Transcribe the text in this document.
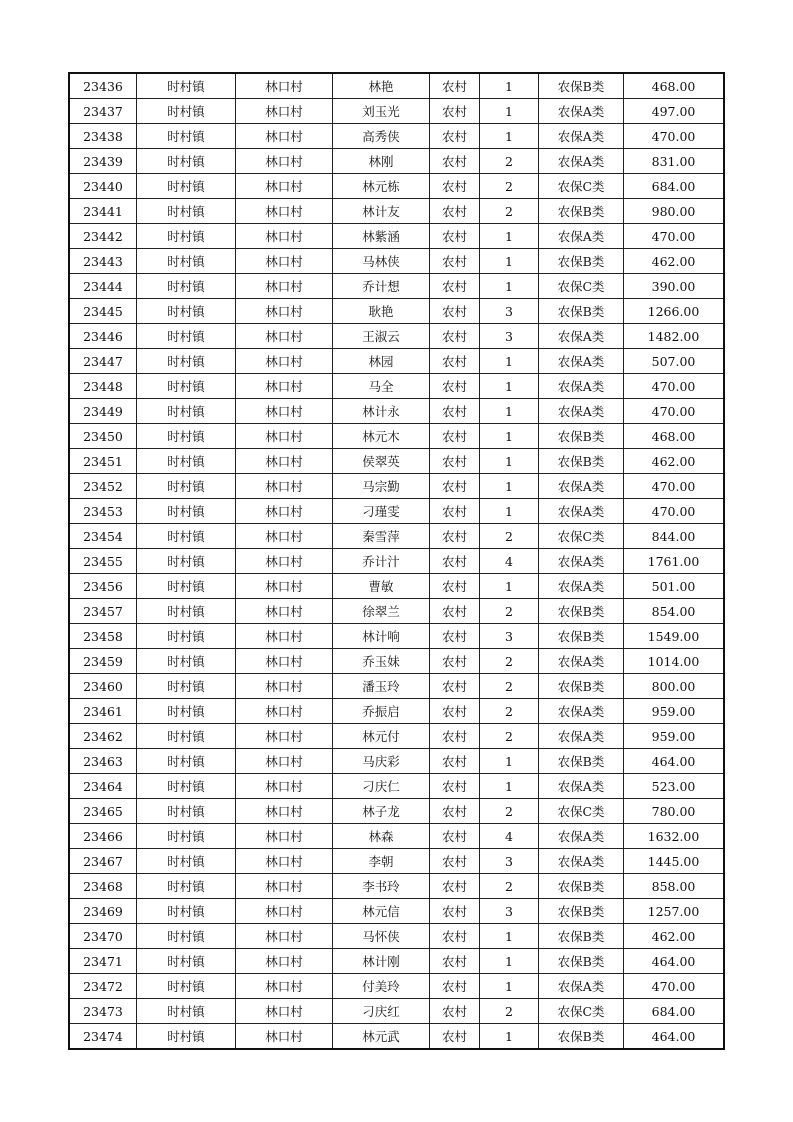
23436	时村镇	林口村	林艳	农村	1	农保B类	468.00
23437	时村镇	林口村	刘玉光	农村	1	农保A类	497.00
23438	时村镇	林口村	高秀侠	农村	1	农保A类	470.00
23439	时村镇	林口村	林刚	农村	2	农保A类	831.00
23440	时村镇	林口村	林元栋	农村	2	农保C类	684.00
23441	时村镇	林口村	林计友	农村	2	农保B类	980.00
23442	时村镇	林口村	林紫涵	农村	1	农保A类	470.00
23443	时村镇	林口村	马林侠	农村	1	农保B类	462.00
23444	时村镇	林口村	乔计想	农村	1	农保C类	390.00
23445	时村镇	林口村	耿艳	农村	3	农保B类	1266.00
23446	时村镇	林口村	王淑云	农村	3	农保A类	1482.00
23447	时村镇	林口村	林园	农村	1	农保A类	507.00
23448	时村镇	林口村	马全	农村	1	农保A类	470.00
23449	时村镇	林口村	林计永	农村	1	农保A类	470.00
23450	时村镇	林口村	林元木	农村	1	农保B类	468.00
23451	时村镇	林口村	侯翠英	农村	1	农保B类	462.00
23452	时村镇	林口村	马宗勤	农村	1	农保A类	470.00
23453	时村镇	林口村	刁瑾雯	农村	1	农保A类	470.00
23454	时村镇	林口村	秦雪萍	农村	2	农保C类	844.00
23455	时村镇	林口村	乔计汁	农村	4	农保A类	1761.00
23456	时村镇	林口村	曹敏	农村	1	农保A类	501.00
23457	时村镇	林口村	徐翠兰	农村	2	农保B类	854.00
23458	时村镇	林口村	林计响	农村	3	农保B类	1549.00
23459	时村镇	林口村	乔玉妹	农村	2	农保A类	1014.00
23460	时村镇	林口村	潘玉玲	农村	2	农保B类	800.00
23461	时村镇	林口村	乔振启	农村	2	农保A类	959.00
23462	时村镇	林口村	林元付	农村	2	农保A类	959.00
23463	时村镇	林口村	马庆彩	农村	1	农保B类	464.00
23464	时村镇	林口村	刁庆仁	农村	1	农保A类	523.00
23465	时村镇	林口村	林子龙	农村	2	农保C类	780.00
23466	时村镇	林口村	林森	农村	4	农保A类	1632.00
23467	时村镇	林口村	李朝	农村	3	农保A类	1445.00
23468	时村镇	林口村	李书玲	农村	2	农保B类	858.00
23469	时村镇	林口村	林元信	农村	3	农保B类	1257.00
23470	时村镇	林口村	马怀侠	农村	1	农保B类	462.00
23471	时村镇	林口村	林计刚	农村	1	农保B类	464.00
23472	时村镇	林口村	付美玲	农村	1	农保A类	470.00
23473	时村镇	林口村	刁庆红	农村	2	农保C类	684.00
23474	时村镇	林口村	林元武	农村	1	农保B类	464.00
